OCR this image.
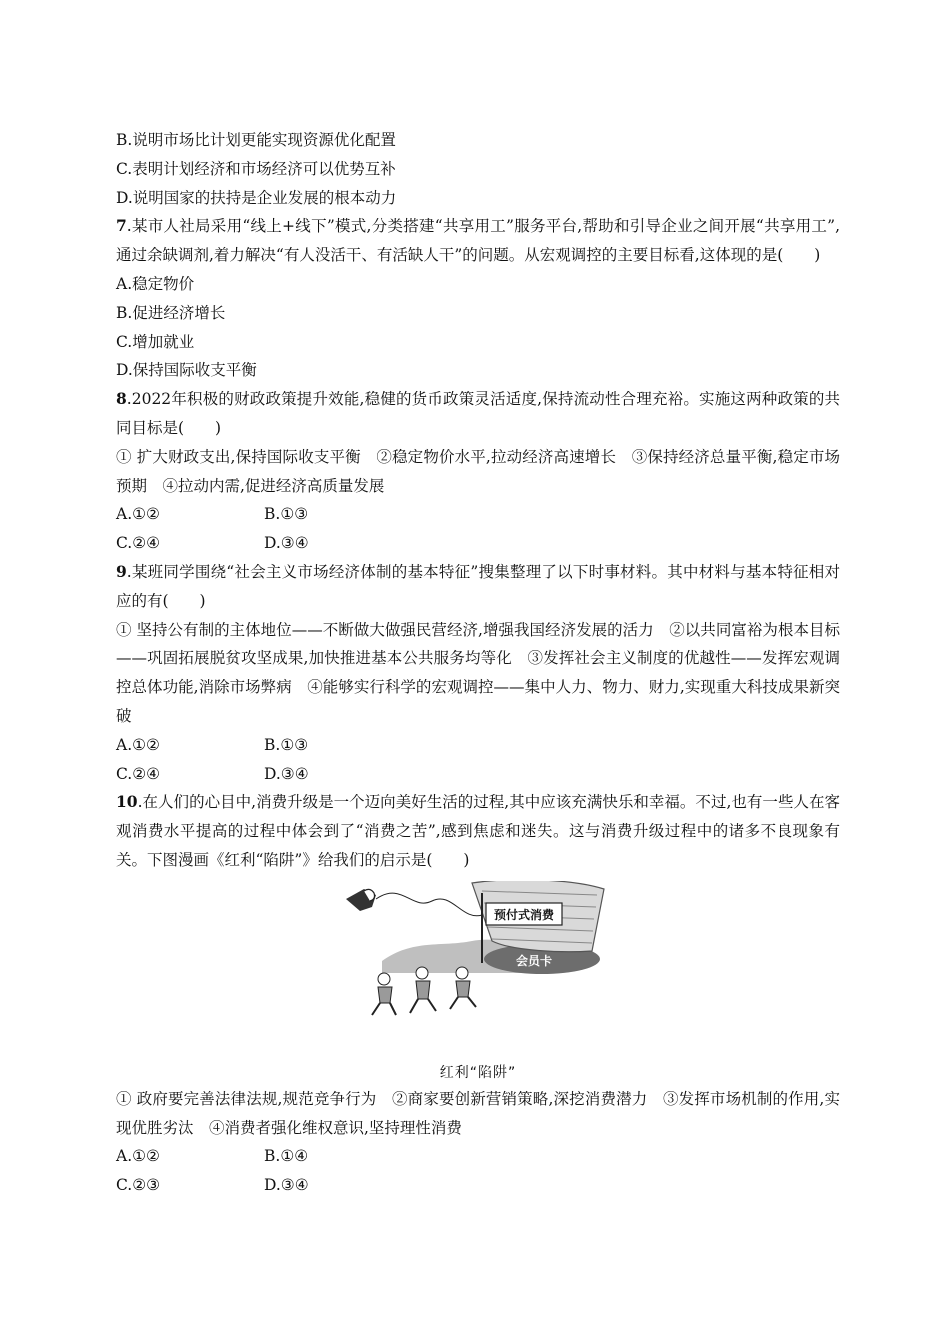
B.说明市场比计划更能实现资源优化配置
C.表明计划经济和市场经济可以优势互补
D.说明国家的扶持是企业发展的根本动力
7.某市人社局采用“线上+线下”模式,分类搭建“共享用工”服务平台,帮助和引导企业之间开展“共享用工”,通过余缺调剂,着力解决“有人没活干、有活缺人干”的问题。从宏观调控的主要目标看,这体现的是(　　)
A.稳定物价
B.促进经济增长
C.增加就业
D.保持国际收支平衡
8.2022年积极的财政政策提升效能,稳健的货币政策灵活适度,保持流动性合理充裕。实施这两种政策的共同目标是(　　)
① 扩大财政支出,保持国际收支平衡　②稳定物价水平,拉动经济高速增长　③保持经济总量平衡,稳定市场预期　④拉动内需,促进经济高质量发展
A.①②	B.①③
C.②④	D.③④
9.某班同学围绕“社会主义市场经济体制的基本特征”搜集整理了以下时事材料。其中材料与基本特征相对应的有(　　)
① 坚持公有制的主体地位——不断做大做强民营经济,增强我国经济发展的活力　②以共同富裕为根本目标——巩固拓展脱贫攻坚成果,加快推进基本公共服务均等化　③发挥社会主义制度的优越性——发挥宏观调控总体功能,消除市场弊病　④能够实行科学的宏观调控——集中人力、物力、财力,实现重大科技成果新突破
A.①②	B.①③
C.②④	D.③④
10.在人们的心目中,消费升级是一个迈向美好生活的过程,其中应该充满快乐和幸福。不过,也有一些人在客观消费水平提高的过程中体会到了“消费之苦”,感到焦虑和迷失。这与消费升级过程中的诸多不良现象有关。下图漫画《红利“陷阱”》给我们的启示是(　　)
预付式消费
会员卡
红利“陷阱”
① 政府要完善法律法规,规范竞争行为　②商家要创新营销策略,深挖消费潜力　③发挥市场机制的作用,实现优胜劣汰　④消费者强化维权意识,坚持理性消费
A.①②	B.①④
C.②③	D.③④
